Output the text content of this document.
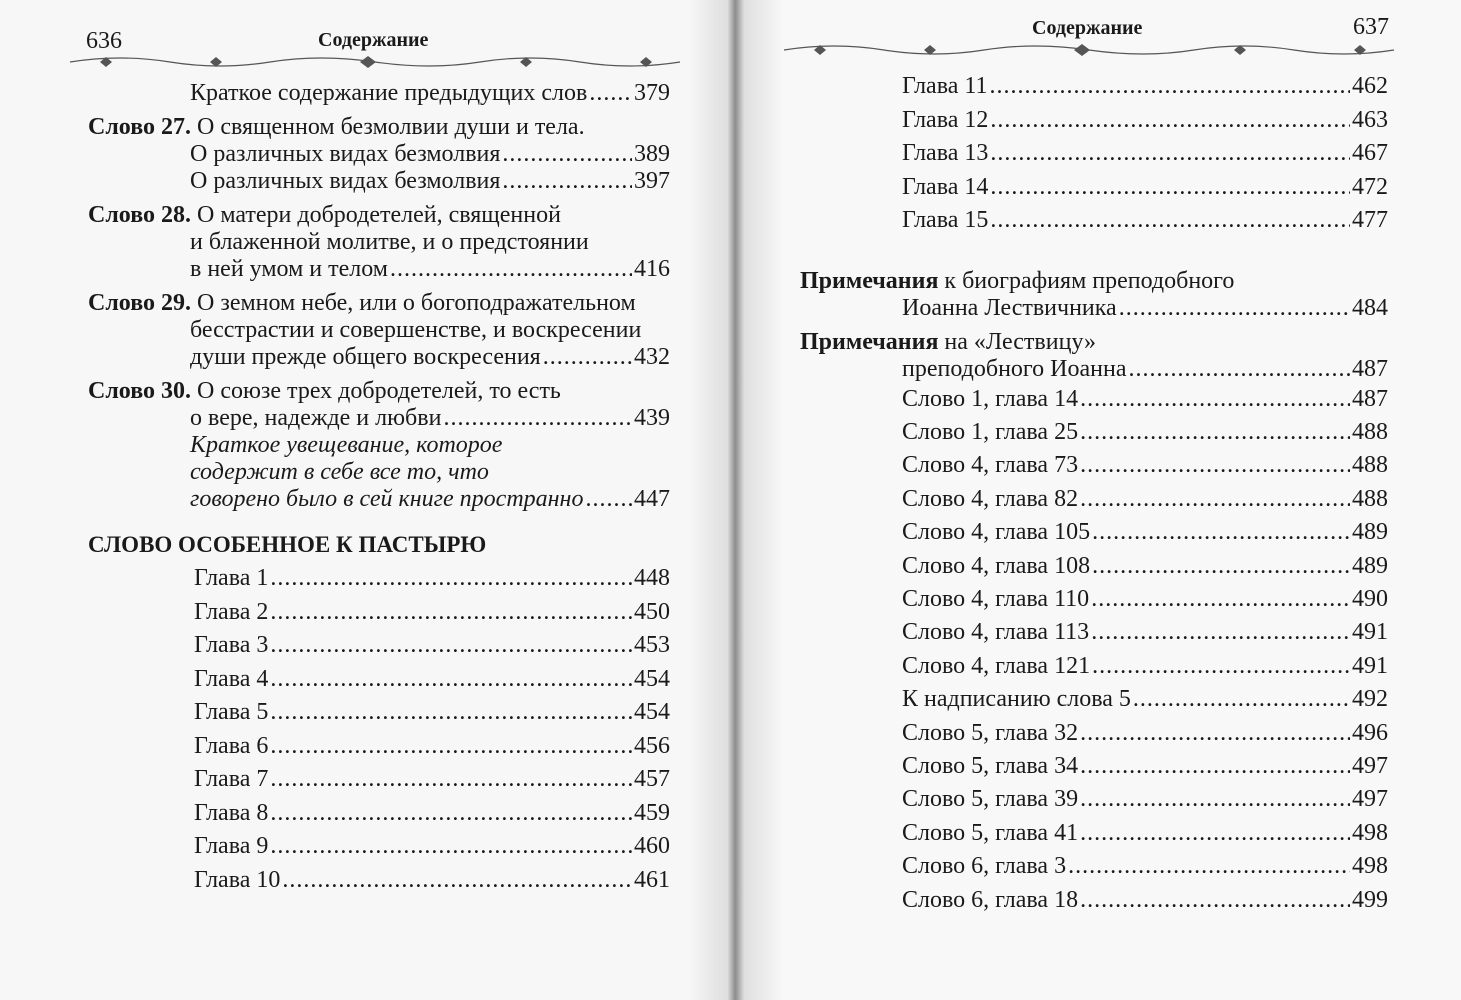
636	Содержание
Краткое содержание предыдущих слов ..... 379
Слово 27. О священном безмолвии души и тела.
О различных видах безмолвия .....	389
О различных видах безмолвия .....	397
Слово 28. О матери добродетелей, священной
и блаженной молитве, и о предстоянии
в ней умом и телом .....	416
Слово 29. О земном небе, или о богоподражательном
бесстрастии и совершенстве, и воскресении
души прежде общего воскресения .....	432
Слово 30. О союзе трех добродетелей, то есть
о вере, надежде и любви .....	439
Краткое увещевание, которое
содержит в себе все то, что
говорено было в сей книге пространно ..... 447
СЛОВО ОСОБЕННОЕ К ПАСТЫРЮ
Глава 1 .....	448
Глава 2 .....	450
Глава 3 .....	453
Глава 4 .....	454
Глава 5 .....	454
Глава 6 .....	456
Глава 7 .....	457
Глава 8 .....	459
Глава 9 .....	460
Глава 10 .....	461
Содержание	637
Глава 11 .....	462
Глава 12 .....	463
Глава 13 .....	467
Глава 14 .....	472
Глава 15 .....	477
Примечания к биографиям преподобного
Иоанна Лествичника .....	484
Примечания на «Лествицу»
преподобного Иоанна .....	487
Слово 1, глава 14 .....	487
Слово 1, глава 25 .....	488
Слово 4, глава 73 .....	488
Слово 4, глава 82 .....	488
Слово 4, глава 105 .....	489
Слово 4, глава 108 .....	489
Слово 4, глава 110 .....	490
Слово 4, глава 113 .....	491
Слово 4, глава 121 .....	491
К надписанию слова 5 .....	492
Слово 5, глава 32 .....	496
Слово 5, глава 34 .....	497
Слово 5, глава 39 .....	497
Слово 5, глава 41 .....	498
Слово 6, глава 3 .....	498
Слово 6, глава 18 .....	499
